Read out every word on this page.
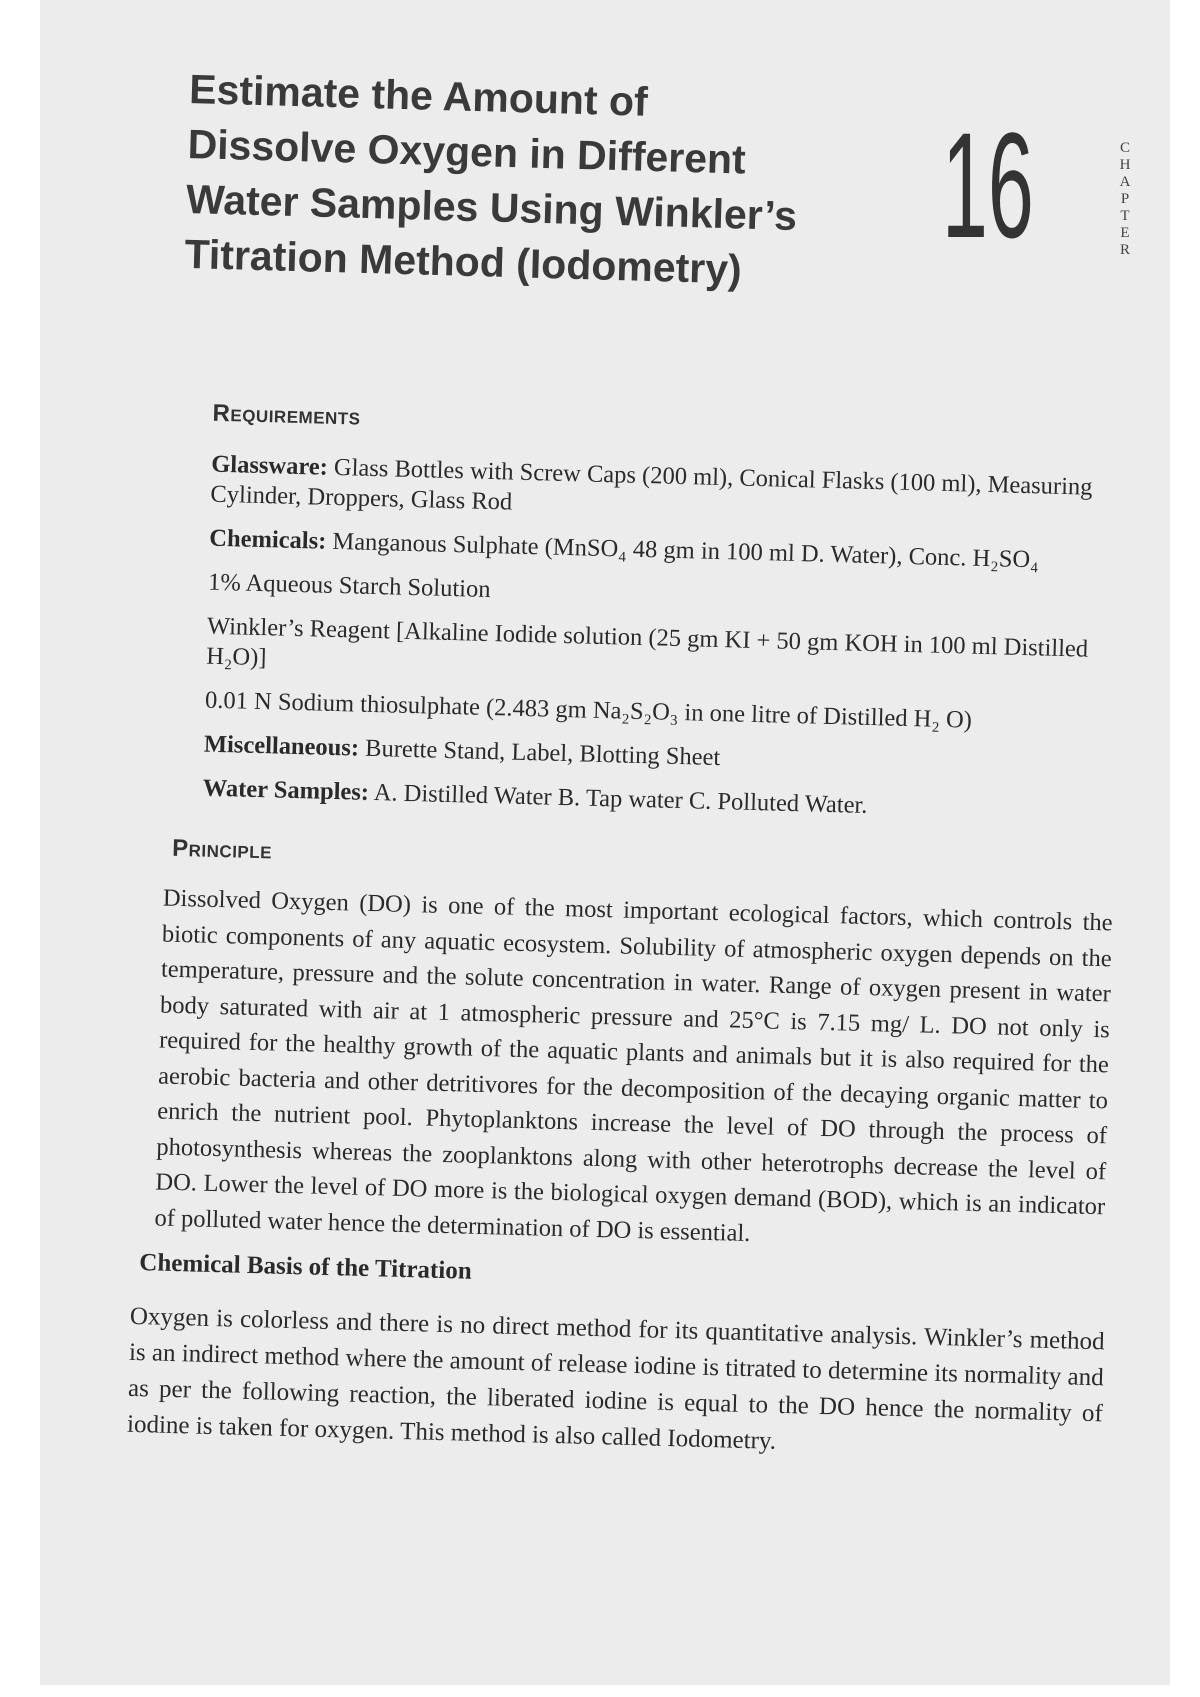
Estimate the Amount of
Dissolve Oxygen in Different
Water Samples Using Winkler’s
Titration Method (Iodometry)	16	CHAPTER
Requirements

Glassware: Glass Bottles with Screw Caps (200 ml), Conical Flasks (100 ml), Measuring Cylinder, Droppers, Glass Rod

Chemicals: Manganous Sulphate (MnSO₄ 48 gm in 100 ml D. Water), Conc. H₂SO₄

1% Aqueous Starch Solution

Winkler’s Reagent [Alkaline Iodide solution (25 gm KI + 50 gm KOH in 100 ml Distilled H₂O)]

0.01 N Sodium thiosulphate (2.483 gm Na₂S₂O₃ in one litre of Distilled H₂ O)

Miscellaneous: Burette Stand, Label, Blotting Sheet

Water Samples: A. Distilled Water B. Tap water C. Polluted Water.

Principle
Dissolved Oxygen (DO) is one of the most important ecological factors, which controls the biotic components of any aquatic ecosystem. Solubility of atmospheric oxygen depends on the temperature, pressure and the solute concentration in water. Range of oxygen present in water body saturated with air at 1 atmospheric pressure and 25°C is 7.15 mg/ L. DO not only is required for the healthy growth of the aquatic plants and animals but it is also required for the aerobic bacteria and other detritivores for the decomposition of the decaying organic matter to enrich the nutrient pool. Phytoplanktons increase the level of DO through the process of photosynthesis whereas the zooplanktons along with other heterotrophs decrease the level of DO. Lower the level of DO more is the biological oxygen demand (BOD), which is an indicator of polluted water hence the determination of DO is essential.
Chemical Basis of the Titration
Oxygen is colorless and there is no direct method for its quantitative analysis. Winkler’s method is an indirect method where the amount of release iodine is titrated to determine its normality and as per the following reaction, the liberated iodine is equal to the DO hence the normality of iodine is taken for oxygen. This method is also called Iodometry.
